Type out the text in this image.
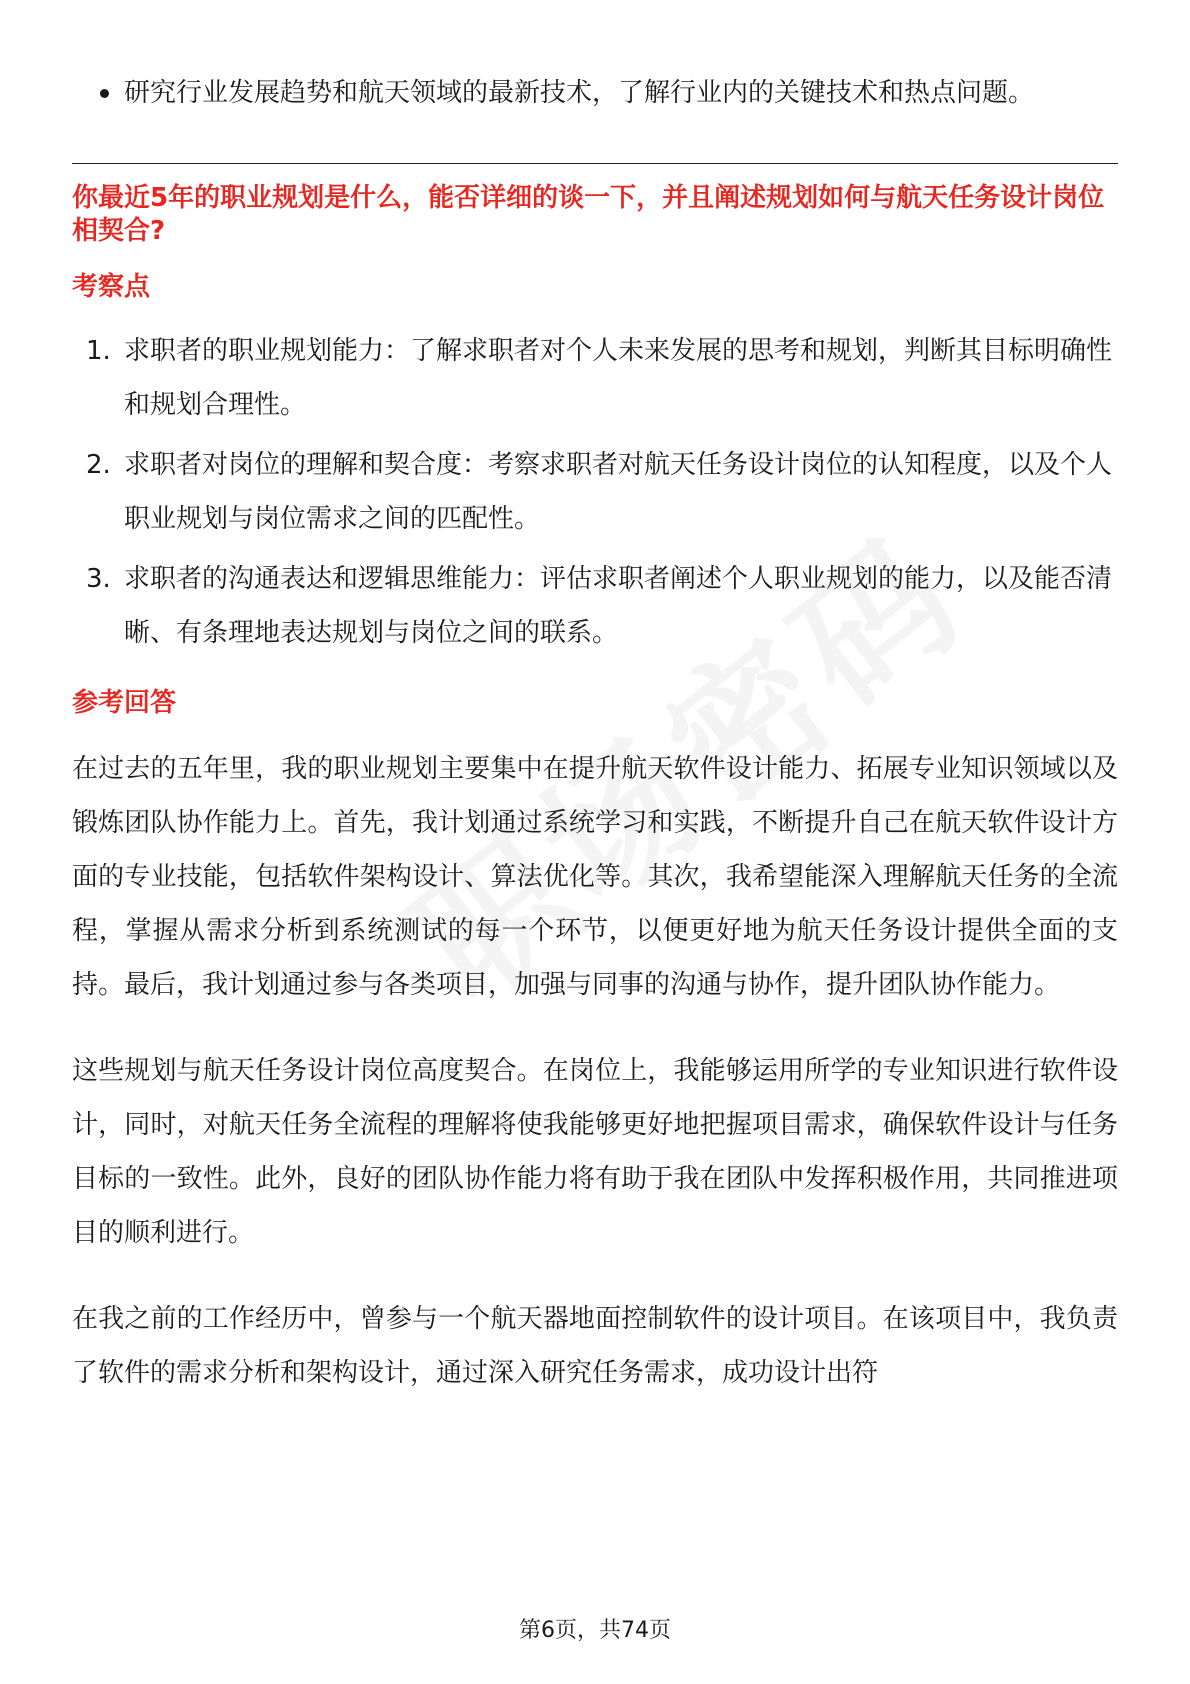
研究行业发展趋势和航天领域的最新技术，了解行业内的关键技术和热点问题。
你最近5年的职业规划是什么，能否详细的谈一下，并且阐述规划如何与航天任务设计岗位相契合?
考察点
1. 求职者的职业规划能力：了解求职者对个人未来发展的思考和规划，判断其目标明确性和规划合理性。
2. 求职者对岗位的理解和契合度：考察求职者对航天任务设计岗位的认知程度，以及个人职业规划与岗位需求之间的匹配性。
3. 求职者的沟通表达和逻辑思维能力：评估求职者阐述个人职业规划的能力，以及能否清晰、有条理地表达规划与岗位之间的联系。
参考回答
在过去的五年里，我的职业规划主要集中在提升航天软件设计能力、拓展专业知识领域以及锻炼团队协作能力上。首先，我计划通过系统学习和实践，不断提升自己在航天软件设计方面的专业技能，包括软件架构设计、算法优化等。其次，我希望能深入理解航天任务的全流程，掌握从需求分析到系统测试的每一个环节，以便更好地为航天任务设计提供全面的支持。最后，我计划通过参与各类项目，加强与同事的沟通与协作，提升团队协作能力。
这些规划与航天任务设计岗位高度契合。在岗位上，我能够运用所学的专业知识进行软件设计，同时，对航天任务全流程的理解将使我能够更好地把握项目需求，确保软件设计与任务目标的一致性。此外，良好的团队协作能力将有助于我在团队中发挥积极作用，共同推进项目的顺利进行。
在我之前的工作经历中，曾参与一个航天器地面控制软件的设计项目。在该项目中，我负责了软件的需求分析和架构设计，通过深入研究任务需求，成功设计出符
第6页，共74页
